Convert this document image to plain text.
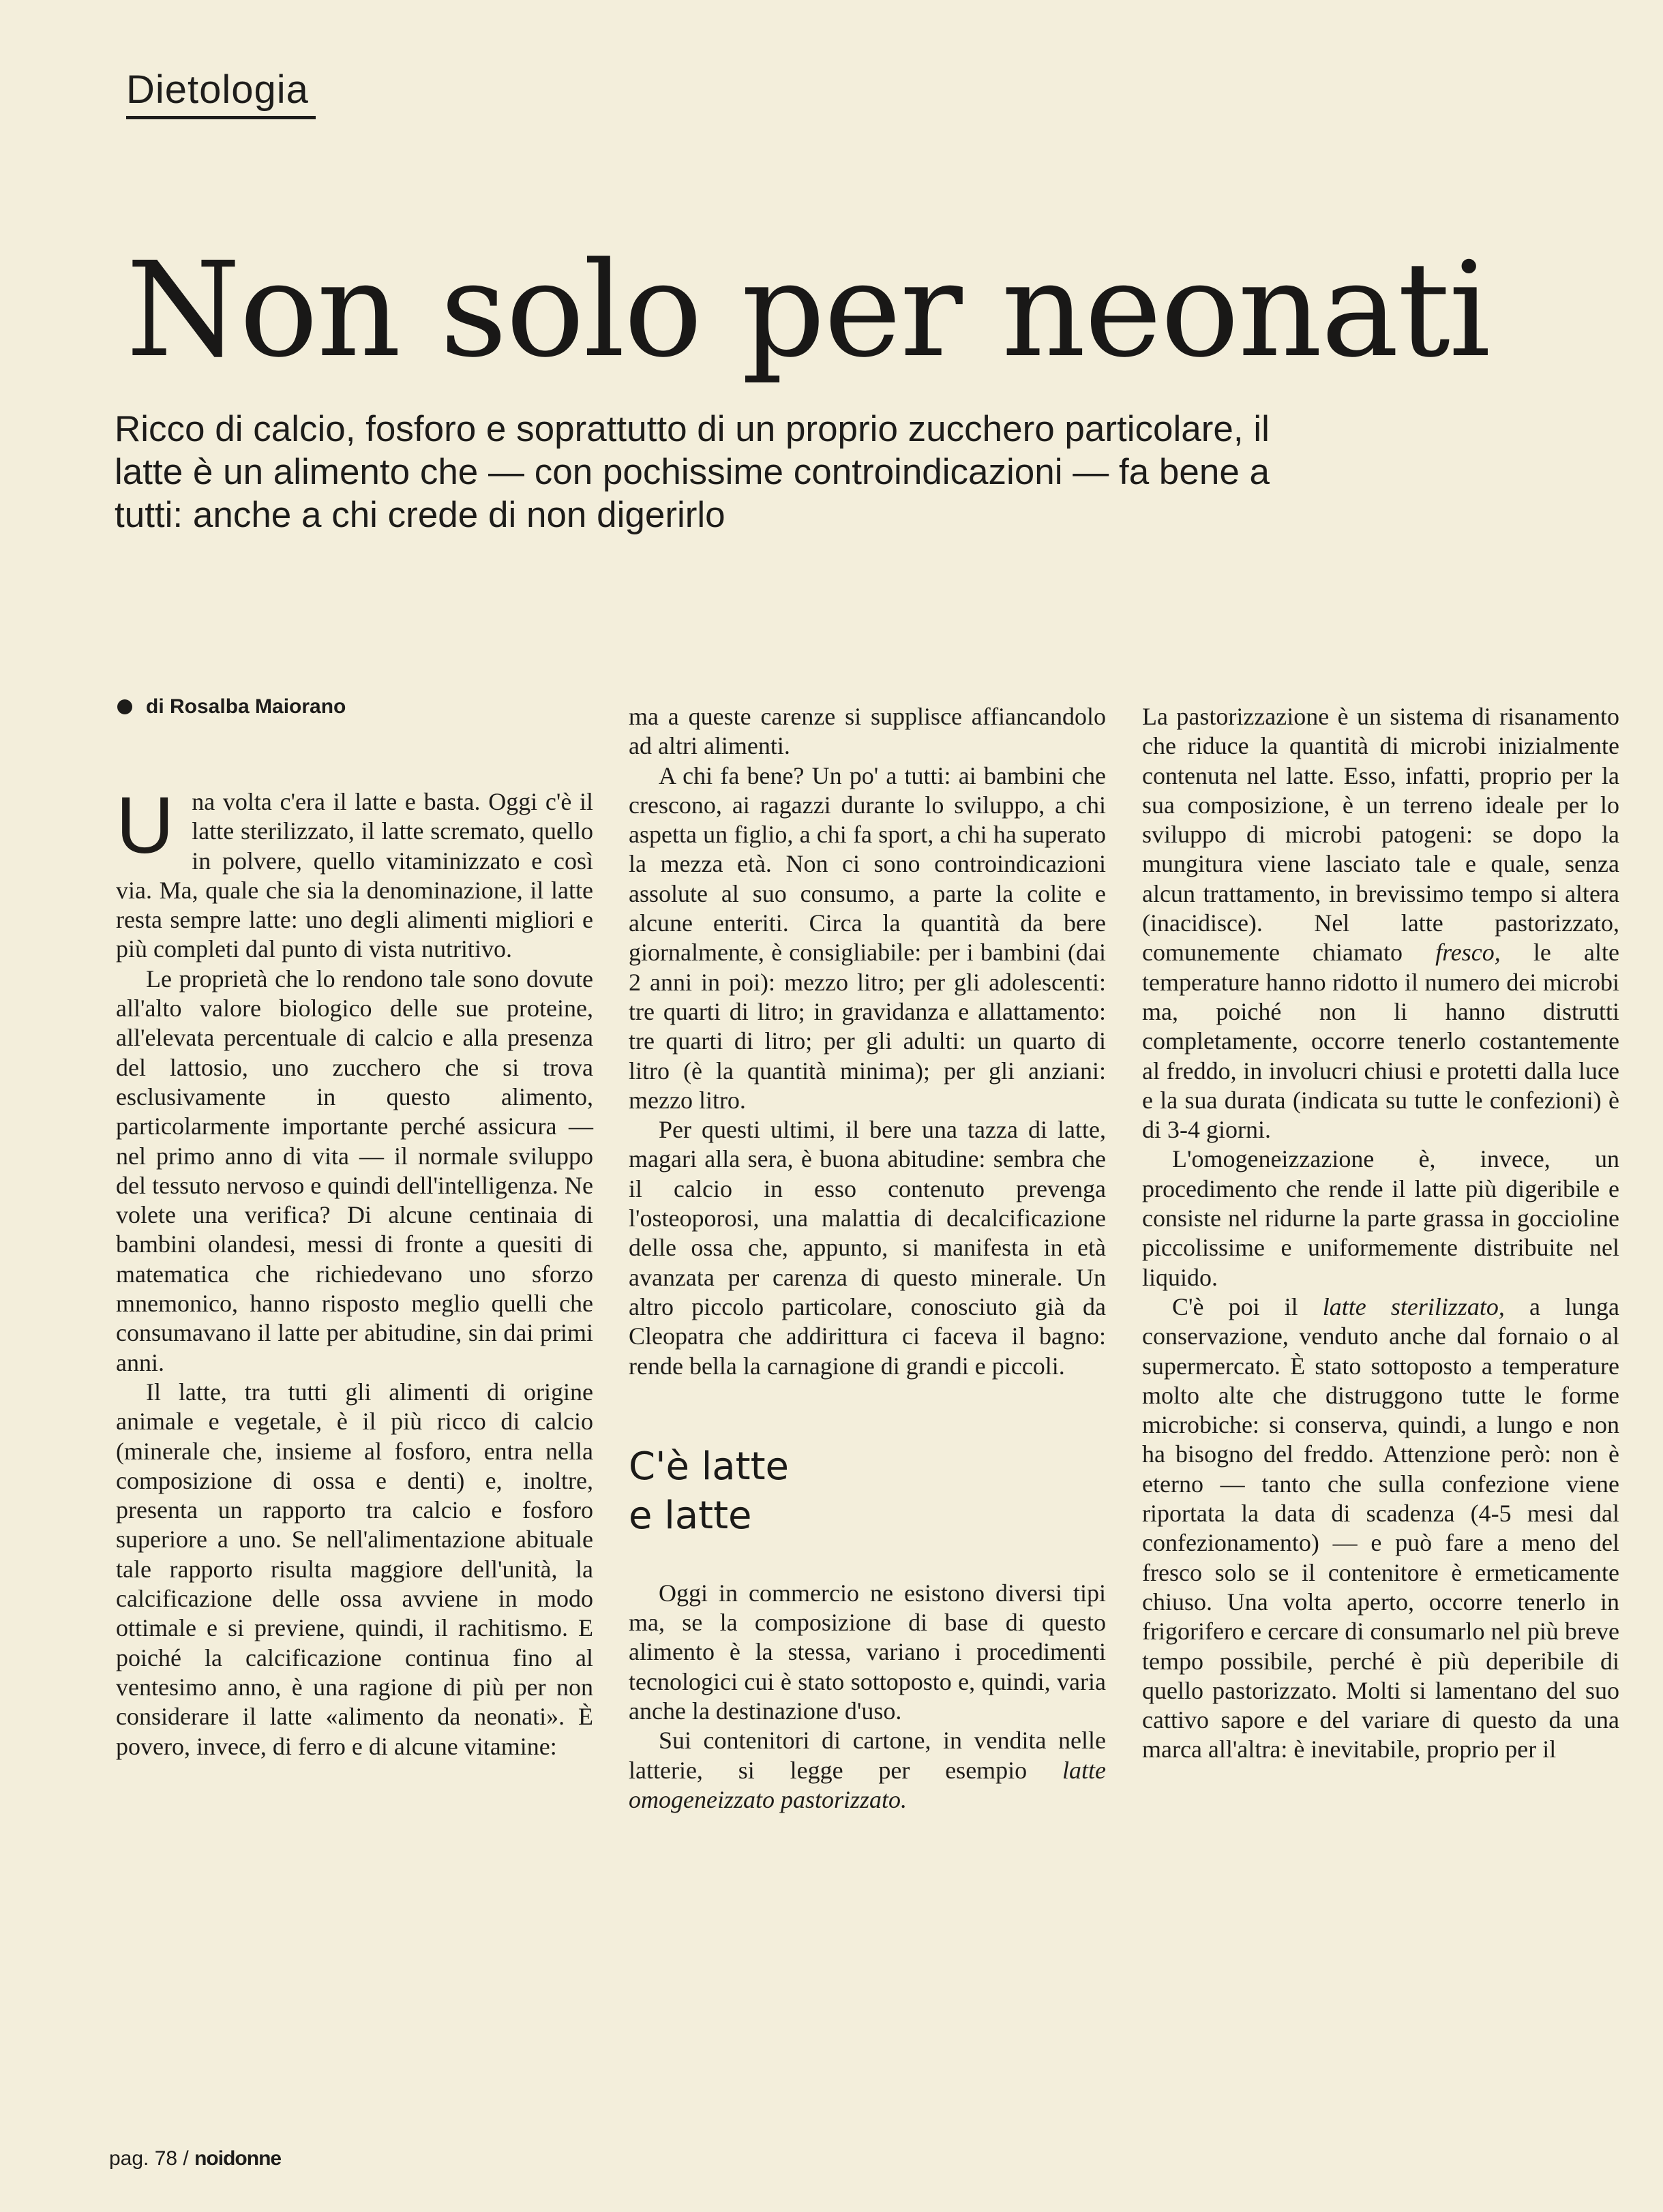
Dietologia
Non solo per neonati

Ricco di calcio, fosforo e soprattutto di un proprio zucchero particolare, il latte è un alimento che — con pochissime controindicazioni — fa bene a tutti: anche a chi crede di non digerirlo

di Rosalba Maiorano

Una volta c'era il latte e basta. Oggi c'è il latte sterilizzato, il latte scremato, quello in polvere, quello vitaminizzato e così via. Ma, quale che sia la denominazione, il latte resta sempre latte: uno degli alimenti migliori e più completi dal punto di vista nutritivo.

Le proprietà che lo rendono tale sono dovute all'alto valore biologico delle sue proteine, all'elevata percentuale di calcio e alla presenza del lattosio, uno zucchero che si trova esclusivamente in questo alimento, particolarmente importante perché assicura — nel primo anno di vita — il normale sviluppo del tessuto nervoso e quindi dell'intelligenza. Ne volete una verifica? Di alcune centinaia di bambini olandesi, messi di fronte a quesiti di matematica che richiedevano uno sforzo mnemonico, hanno risposto meglio quelli che consumavano il latte per abitudine, sin dai primi anni.

Il latte, tra tutti gli alimenti di origine animale e vegetale, è il più ricco di calcio (minerale che, insieme al fosforo, entra nella composizione di ossa e denti) e, inoltre, presenta un rapporto tra calcio e fosforo superiore a uno. Se nell'alimentazione abituale tale rapporto risulta maggiore dell'unità, la calcificazione delle ossa avviene in modo ottimale e si previene, quindi, il rachitismo. E poiché la calcificazione continua fino al ventesimo anno, è una ragione di più per non considerare il latte «alimento da neonati». È povero, invece, di ferro e di alcune vitamine:

ma a queste carenze si supplisce affiancandolo ad altri alimenti.

A chi fa bene? Un po' a tutti: ai bambini che crescono, ai ragazzi durante lo sviluppo, a chi aspetta un figlio, a chi fa sport, a chi ha superato la mezza età. Non ci sono controindicazioni assolute al suo consumo, a parte la colite e alcune enteriti. Circa la quantità da bere giornalmente, è consigliabile: per i bambini (dai 2 anni in poi): mezzo litro; per gli adolescenti: tre quarti di litro; in gravidanza e allattamento: tre quarti di litro; per gli adulti: un quarto di litro (è la quantità minima); per gli anziani: mezzo litro.

Per questi ultimi, il bere una tazza di latte, magari alla sera, è buona abitudine: sembra che il calcio in esso contenuto prevenga l'osteoporosi, una malattia di decalcificazione delle ossa che, appunto, si manifesta in età avanzata per carenza di questo minerale. Un altro piccolo particolare, conosciuto già da Cleopatra che addirittura ci faceva il bagno: rende bella la carnagione di grandi e piccoli.

C'è latte
e latte

Oggi in commercio ne esistono diversi tipi ma, se la composizione di base di questo alimento è la stessa, variano i procedimenti tecnologici cui è stato sottoposto e, quindi, varia anche la destinazione d'uso.

Sui contenitori di cartone, in vendita nelle latterie, si legge per esempio latte omogeneizzato pastorizzato.

La pastorizzazione è un sistema di risanamento che riduce la quantità di microbi inizialmente contenuta nel latte. Esso, infatti, proprio per la sua composizione, è un terreno ideale per lo sviluppo di microbi patogeni: se dopo la mungitura viene lasciato tale e quale, senza alcun trattamento, in brevissimo tempo si altera (inacidisce). Nel latte pastorizzato, comunemente chiamato fresco, le alte temperature hanno ridotto il numero dei microbi ma, poiché non li hanno distrutti completamente, occorre tenerlo costantemente al freddo, in involucri chiusi e protetti dalla luce e la sua durata (indicata su tutte le confezioni) è di 3-4 giorni.

L'omogeneizzazione è, invece, un procedimento che rende il latte più digeribile e consiste nel ridurne la parte grassa in goccioline piccolissime e uniformemente distribuite nel liquido.

C'è poi il latte sterilizzato, a lunga conservazione, venduto anche dal fornaio o al supermercato. È stato sottoposto a temperature molto alte che distruggono tutte le forme microbiche: si conserva, quindi, a lungo e non ha bisogno del freddo. Attenzione però: non è eterno — tanto che sulla confezione viene riportata la data di scadenza (4-5 mesi dal confezionamento) — e può fare a meno del fresco solo se il contenitore è ermeticamente chiuso. Una volta aperto, occorre tenerlo in frigorifero e cercare di consumarlo nel più breve tempo possibile, perché è più deperibile di quello pastorizzato. Molti si lamentano del suo cattivo sapore e del variare di questo da una marca all'altra: è inevitabile, proprio per il

pag. 78 / noidonne
